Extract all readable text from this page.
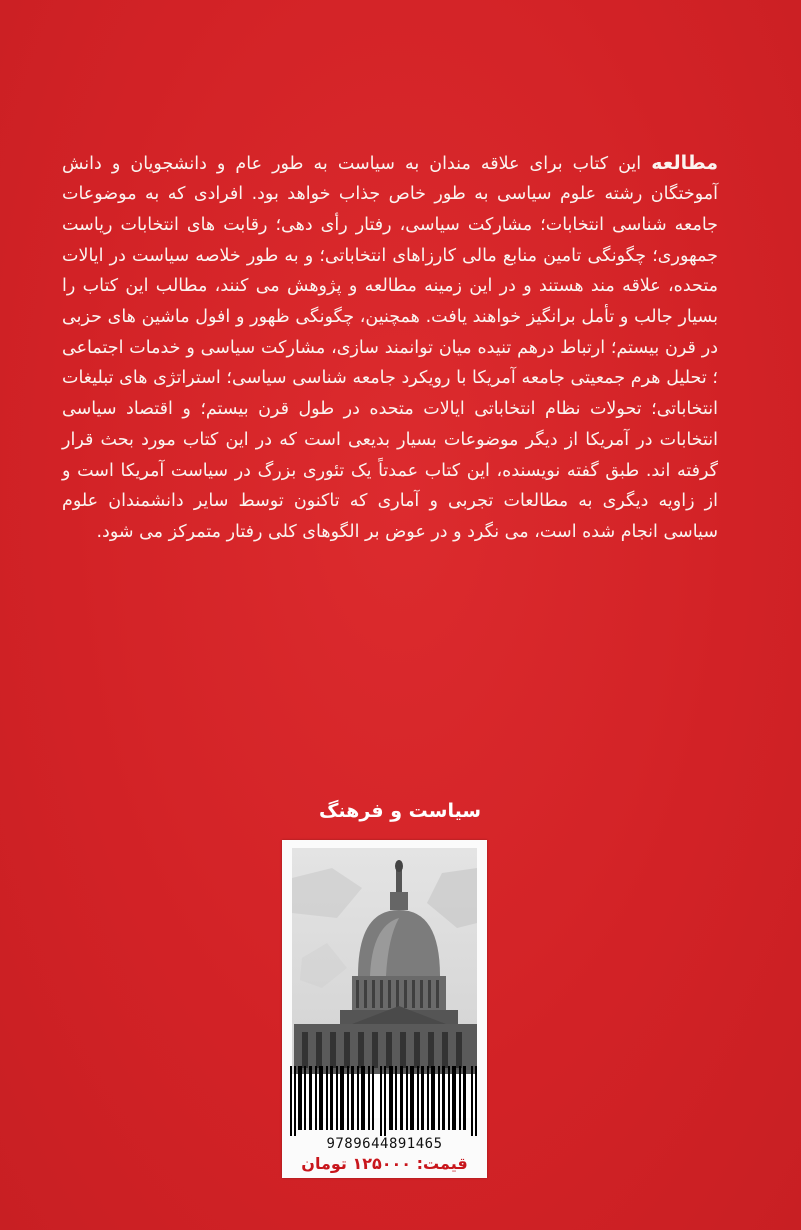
مطالعه این کتاب برای علاقه مندان به سیاست به طور عام و دانشجویان و دانش آموختگان رشته علوم سیاسی به طور خاص جذاب خواهد بود. افرادی که به موضوعات جامعه شناسی انتخابات؛ مشارکت سیاسی، رفتار رأی دهی؛ رقابت های انتخابات ریاست جمهوری؛ چگونگی تامین منابع مالی کارزاهای انتخاباتی؛ و به طور خلاصه سیاست در ایالات متحده، علاقه مند هستند و در این زمینه مطالعه و پژوهش می کنند، مطالب این کتاب را بسیار جالب و تأمل برانگیز خواهند یافت. همچنین، چگونگی ظهور و افول ماشین های حزبی در قرن بیستم؛ ارتباط درهم تنیده میان توانمند سازی، مشارکت سیاسی و خدمات اجتماعی ؛ تحلیل هرم جمعیتی جامعه آمریکا با رویکرد جامعه شناسی سیاسی؛ استراتژی های تبلیغات انتخاباتی؛ تحولات نظام انتخاباتی ایالات متحده در طول قرن بیستم؛ و اقتصاد سیاسی انتخابات در آمریکا از دیگر موضوعات بسیار بدیعی است که در این کتاب مورد بحث قرار گرفته اند. طبق گفته نویسنده، این کتاب عمدتاً یک تئوری بزرگ در سیاست آمریکا است و از زاویه دیگری به مطالعات تجربی و آماری که تاکنون توسط سایر دانشمندان علوم سیاسی انجام شده است، می نگرد و در عوض بر الگوهای کلی رفتار متمرکز می شود.

سیاست و فرهنگ
9789644891465
قیمت: ۱۲۵۰۰۰ تومان
